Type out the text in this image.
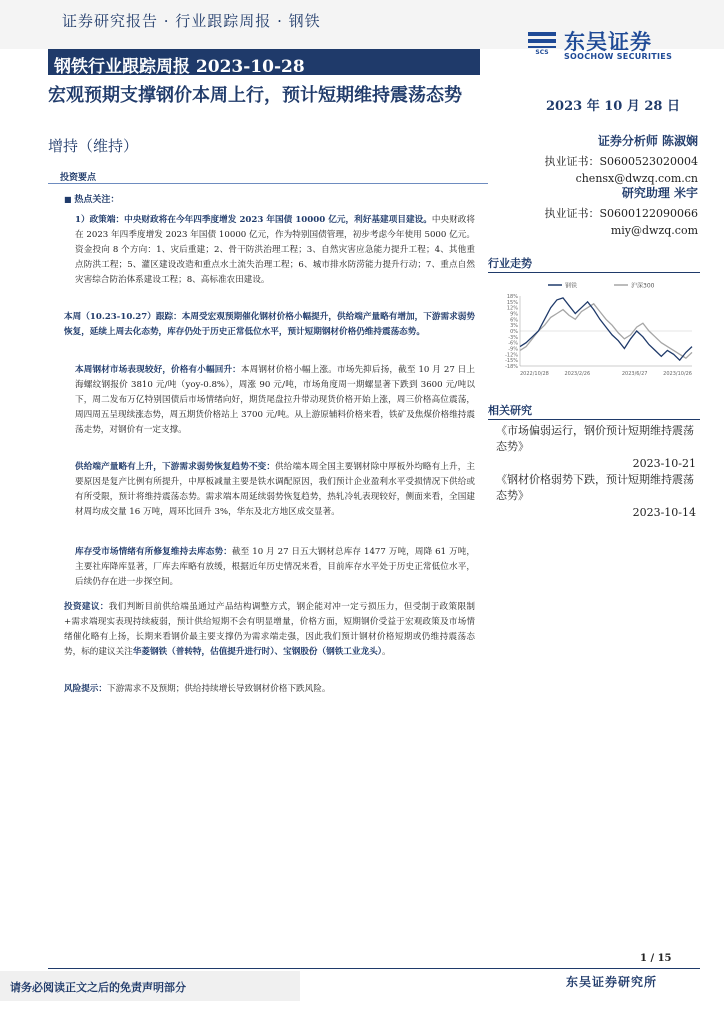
证券研究报告 · 行业跟踪周报 · 钢铁
钢铁行业跟踪周报 2023-10-28
SCS 东吴证券
SOOCHOW SECURITIES
宏观预期支撑钢价本周上行，预计短期维持震荡态势
增持（维持）
2023 年 10 月 28 日
证券分析师 陈淑娴
执业证书：S0600523020004
chensx@dwzq.com.cn
研究助理 米宇
执业证书：S0600122090066
miy@dwzq.com
投资要点
■ 热点关注：
1）政策端：中央财政将在今年四季度增发 2023 年国债 10000 亿元，利好基建项目建设。中央财政将在 2023 年四季度增发 2023 年国债 10000 亿元，作为特别国债管理，初步考虑今年使用 5000 亿元。资金投向 8 个方向：1、灾后重建；2、骨干防洪治理工程；3、自然灾害应急能力提升工程；4、其他重点防洪工程；5、灌区建设改造和重点水土流失治理工程；6、城市排水防涝能力提升行动；7、重点自然灾害综合防治体系建设工程；8、高标准农田建设。
本周（10.23-10.27）跟踪：本周受宏观预期催化钢材价格小幅提升，供给端产量略有增加，下游需求弱势恢复，延续上周去化态势，库存仍处于历史正常低位水平，预计短期钢材价格仍维持震荡态势。
本周钢材市场表现较好，价格有小幅回升：本周钢材价格小幅上涨。市场先抑后扬，截至 10 月 27 日上海螺纹钢报价 3810 元/吨（yoy-0.8%），周涨 90 元/吨，市场角度周一期螺显著下跌到 3600 元/吨以下，周二发布万亿特别国债后市场情绪向好，期货尾盘拉升带动现货价格开始上涨，周三价格高位震荡，周四周五呈现续涨态势，周五期货价格站上 3700 元/吨。从上游原辅料价格来看，铁矿及焦煤价格维持震荡走势，对钢价有一定支撑。
供给端产量略有上升，下游需求弱势恢复趋势不变：供给端本周全国主要钢材除中厚板外均略有上升，主要原因是复产比例有所提升，中厚板减量主要是铁水调配原因，我们预计企业盈利水平受损情况下供给或有所受限，预计将维持震荡态势。需求端本周延续弱势恢复趋势，热轧冷轧表现较好，侧面来看，全国建材周均成交量 16 万吨，周环比回升 3%，华东及北方地区成交显著。
库存受市场情绪有所修复维持去库态势：截至 10 月 27 日五大钢材总库存 1477 万吨，周降 61 万吨，主要社库降库显著，厂库去库略有放缓，根据近年历史情况来看，目前库存水平处于历史正常低位水平，后续仍存在进一步探空间。
投资建议：我们判断目前供给端虽通过产品结构调整方式，钢企能对冲一定亏损压力，但受制于政策限制+需求端现实表现持续疲弱，预计供给短期不会有明显增量，价格方面，短期钢价受益于宏观政策及市场情绪催化略有上扬，长期来看钢价最主要支撑仍为需求端走强，因此我们预计钢材价格短期或仍维持震荡态势，标的建议关注华菱钢铁（普转特，估值提升进行时）、宝钢股份（钢铁工业龙头）。
风险提示：下游需求不及预期；供给持续增长导致钢材价格下跌风险。
行业走势
钢铁	沪深300
18%
15%
12%
9%
6%
3%
0%
-3%
-6%
-9%
-12%
-15%
-18%
2022/10/28	2023/2/26	2023/6/27	2023/10/26
相关研究
《市场偏弱运行，钢价预计短期维持震荡态势》
2023-10-21
《钢材价格弱势下跌，预计短期维持震荡态势》
2023-10-14
1 / 15
请务必阅读正文之后的免责声明部分	东吴证券研究所
